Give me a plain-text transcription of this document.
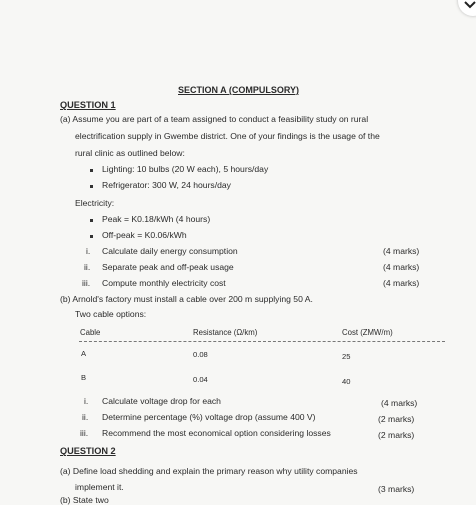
SECTION A (COMPULSORY)
QUESTION 1
(a) Assume you are part of a team assigned to conduct a feasibility study on rural
electrification supply in Gwembe district. One of your findings is the usage of the
rural clinic as outlined below:
Lighting: 10 bulbs (20 W each), 5 hours/day
Refrigerator: 300 W, 24 hours/day
Electricity:
Peak = K0.18/kWh (4 hours)
Off-peak = K0.06/kWh
i. Calculate daily energy consumption	(4 marks)
ii. Separate peak and off-peak usage	(4 marks)
iii. Compute monthly electricity cost	(4 marks)
(b) Arnold's factory must install a cable over 200 m supplying 50 A.
Two cable options:
Cable	Resistance (Ω/km)	Cost (ZMW/m)
A	0.08	25
B	0.04	40
i. Calculate voltage drop for each	(4 marks)
ii. Determine percentage (%) voltage drop (assume 400 V)	(2 marks)
iii. Recommend the most economical option considering losses	(2 marks)
QUESTION 2
(a) Define load shedding and explain the primary reason why utility companies
implement it.	(3 marks)
(b) State two
